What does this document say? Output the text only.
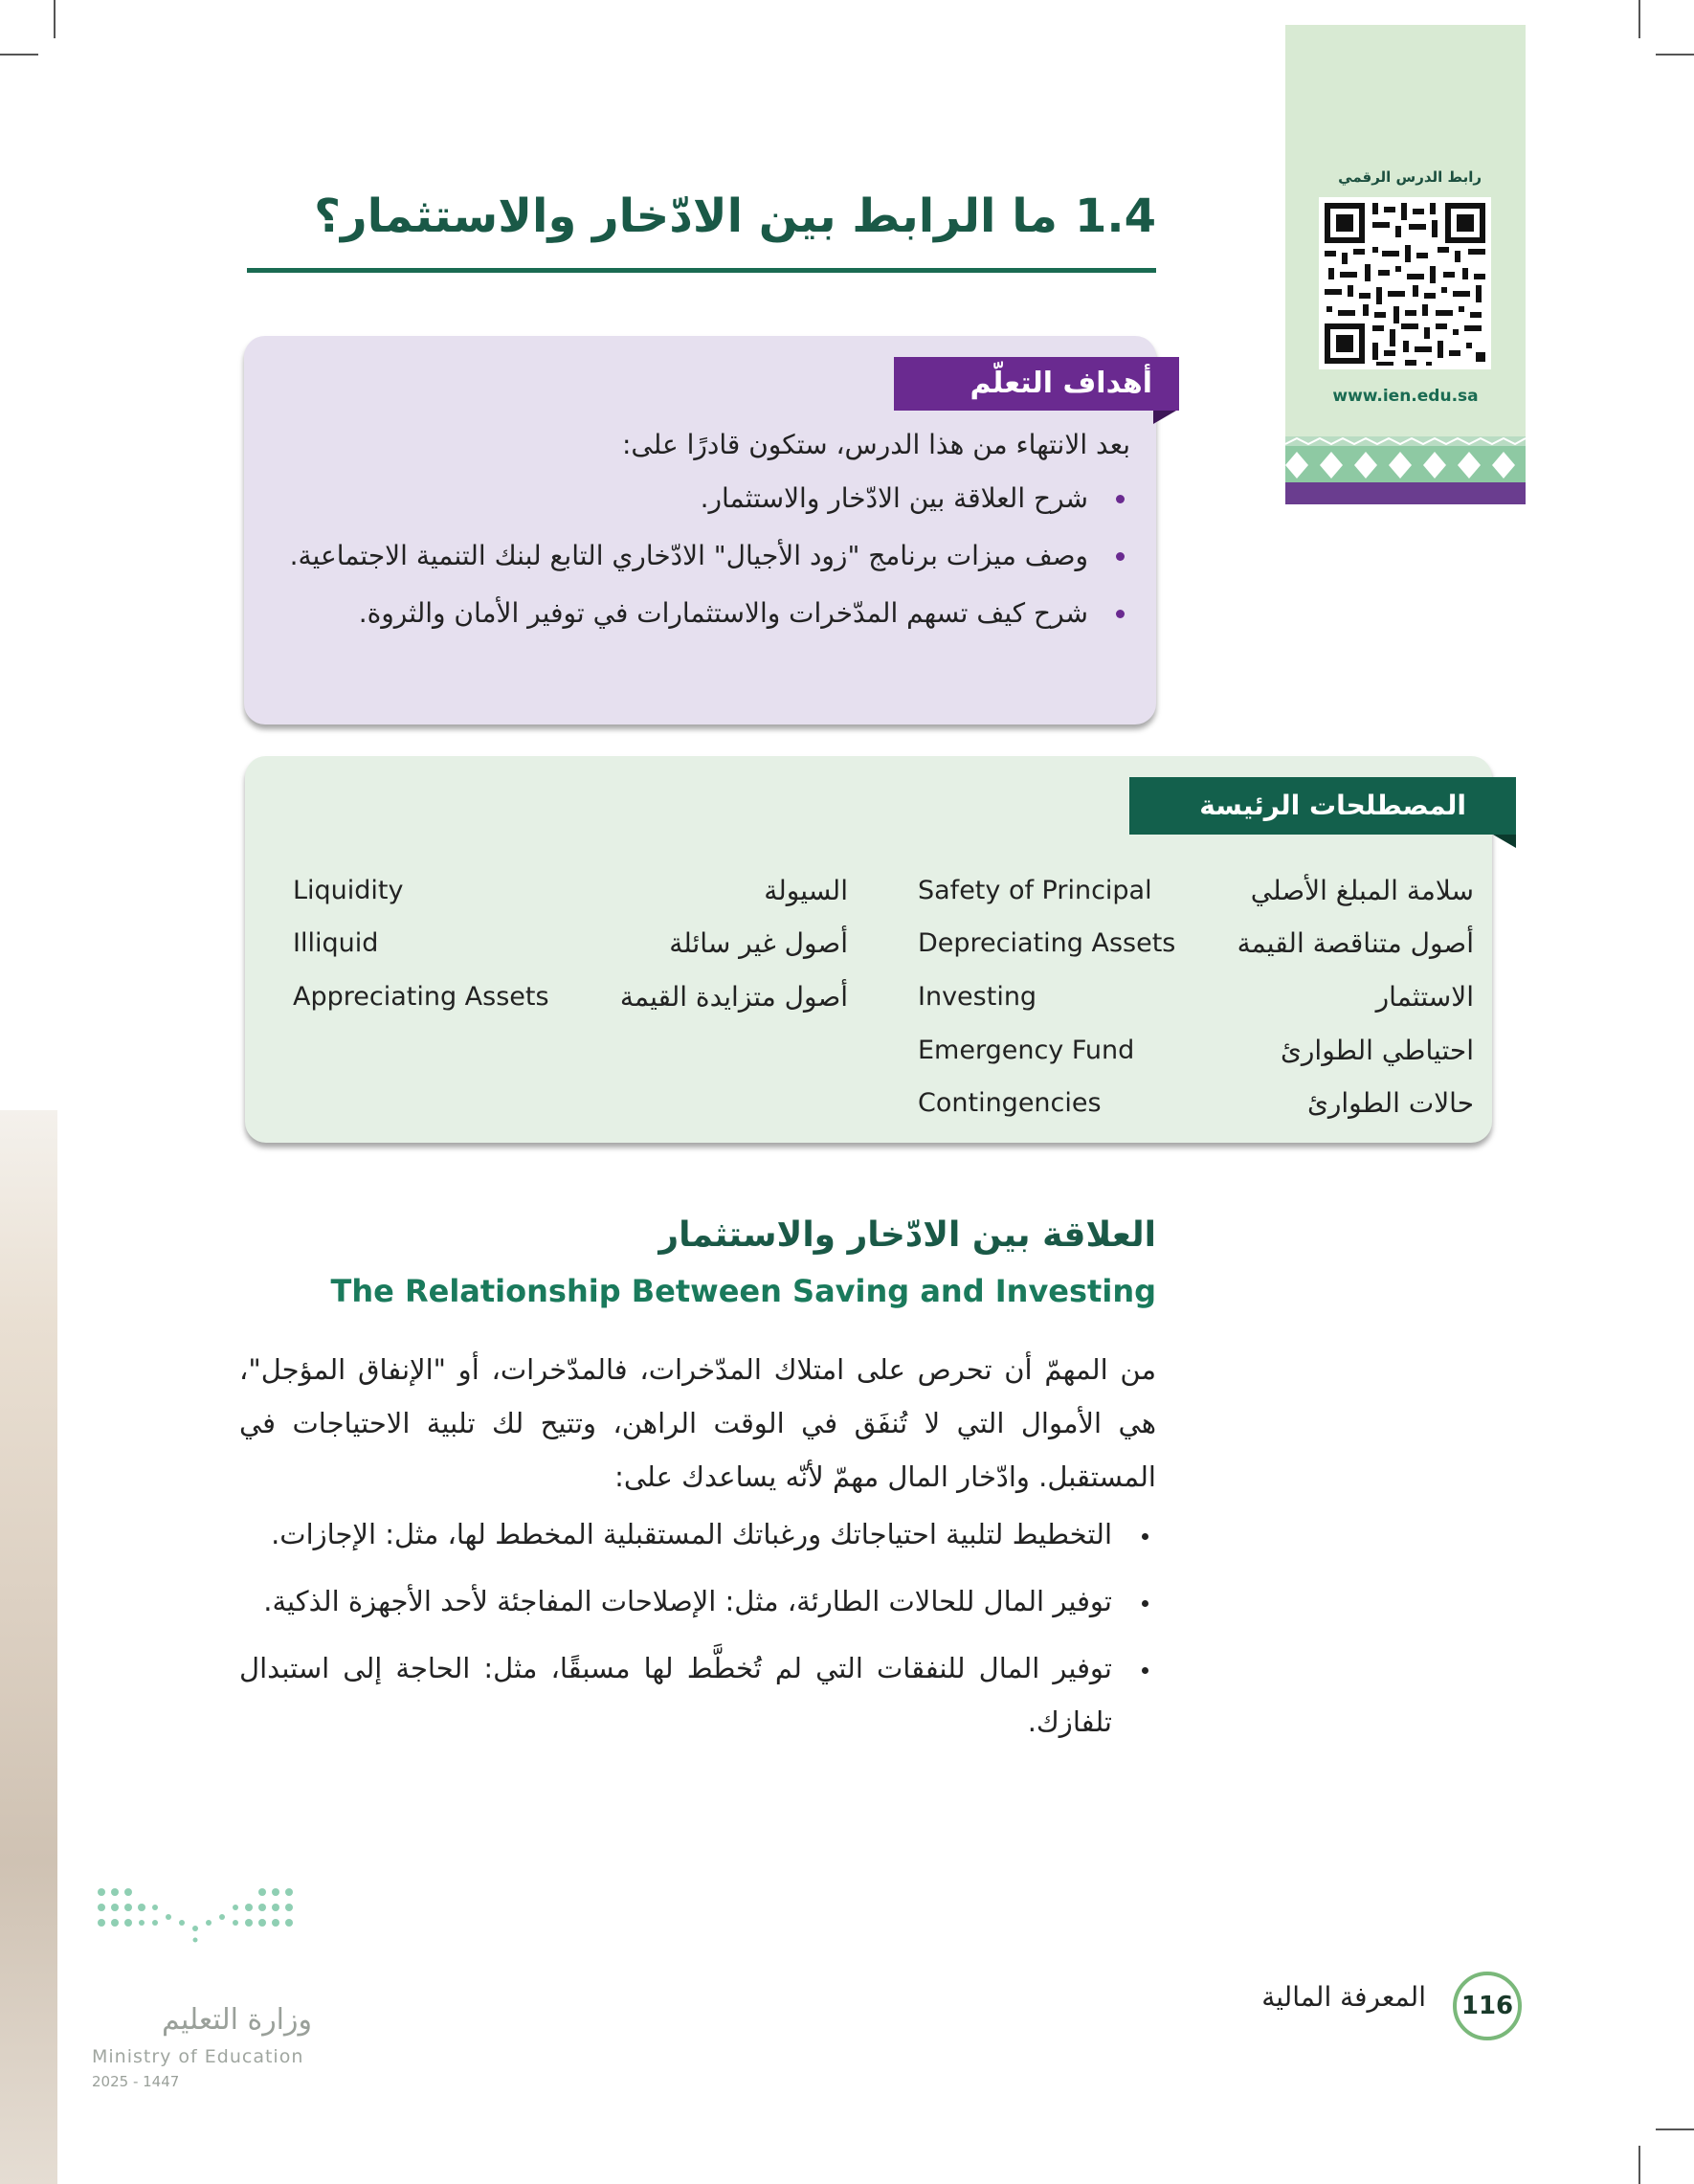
رابط الدرس الرقمي
www.ien.edu.sa
1.4ما الرابط بين الادّخار والاستثمار؟
أهداف التعلّم
بعد الانتهاء من هذا الدرس، ستكون قادرًا على:
شرح العلاقة بين الادّخار والاستثمار.
وصف ميزات برنامج "زود الأجيال" الادّخاري التابع لبنك التنمية الاجتماعية.
شرح كيف تسهم المدّخرات والاستثمارات في توفير الأمان والثروة.
المصطلحات الرئيسة
سلامة المبلغ الأصلي
Safety of Principal
أصول متناقصة القيمة
Depreciating Assets
الاستثمار
Investing
احتياطي الطوارئ
Emergency Fund
حالات الطوارئ
Contingencies
السيولة
Liquidity
أصول غير سائلة
Illiquid
أصول متزايدة القيمة
Appreciating Assets
العلاقة بين الادّخار والاستثمار
The Relationship Between Saving and Investing
من المهمّ أن تحرص على امتلاك المدّخرات، فالمدّخرات، أو "الإنفاق المؤجل"، هي الأموال التي لا تُنفَق في الوقت الراهن، وتتيح لك تلبية الاحتياجات في المستقبل. وادّخار المال مهمّ لأنّه يساعدك على:
التخطيط لتلبية احتياجاتك ورغباتك المستقبلية المخطط لها، مثل: الإجازات.
توفير المال للحالات الطارئة، مثل: الإصلاحات المفاجئة لأحد الأجهزة الذكية.
توفير المال للنفقات التي لم تُخطَّط لها مسبقًا، مثل: الحاجة إلى استبدال تلفازك.
116
المعرفة المالية
وزارة التعليم
Ministry of Education
2025 - 1447
